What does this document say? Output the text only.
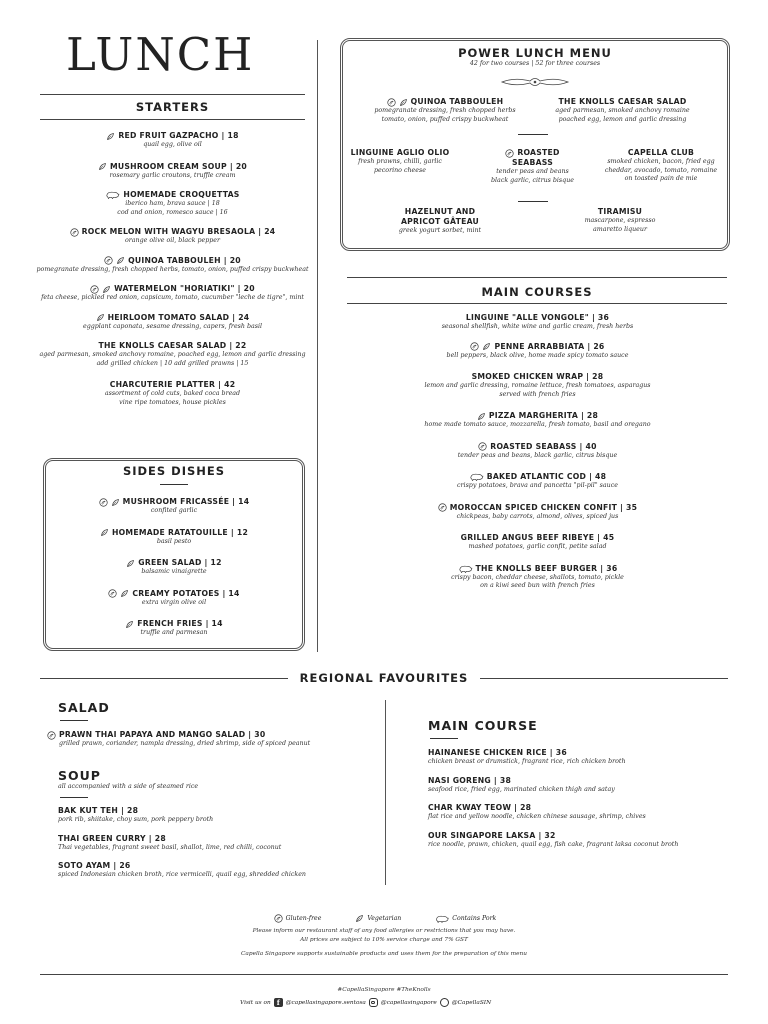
LUNCH
STARTERS
RED FRUIT GAZPACHO | 18
quail egg, olive oil
MUSHROOM CREAM SOUP | 20
rosemary garlic croutons, truffle cream
HOMEMADE CROQUETTAS
iberico ham, brava sauce | 18
cod and onion, romesco sauce | 16
ROCK MELON WITH WAGYU BRESAOLA | 24
orange olive oil, black pepper
QUINOA TABBOULEH | 20
pomegranate dressing, fresh chopped herbs, tomato, onion, puffed crispy buckwheat
WATERMELON "HORIATIKI" | 20
feta cheese, pickled red onion, capsicum, tomato, cucumber "leche de tigre", mint
HEIRLOOM TOMATO SALAD | 24
eggplant caponata, sesame dressing, capers, fresh basil
THE KNOLLS CAESAR SALAD | 22
aged parmesan, smoked anchovy romaine, poached egg, lemon and garlic dressing
add grilled chicken | 10 add grilled prawns | 15
CHARCUTERIE PLATTER | 42
assortment of cold cuts, baked coca bread
vine ripe tomatoes, house pickles
SIDES DISHES
MUSHROOM FRICASSÉE | 14
confited garlic
HOMEMADE RATATOUILLE | 12
basil pesto
GREEN SALAD | 12
balsamic vinaigrette
CREAMY POTATOES | 14
extra virgin olive oil
FRENCH FRIES | 14
truffle and parmesan
POWER LUNCH MENU
42 for two courses | 52 for three courses
QUINOA TABBOULEH
pomegranate dressing, fresh chopped herbs
tomato, onion, puffed crispy buckwheat
THE KNOLLS CAESAR SALAD
aged parmesan, smoked anchovy romaine
poached egg, lemon and garlic dressing
LINGUINE AGLIO OLIO
fresh prawns, chilli, garlic
pecorino cheese
ROASTED
SEABASS
tender peas and beans
black garlic, citrus bisque
CAPELLA CLUB
smoked chicken, bacon, fried egg
cheddar, avocado, tomato, romaine
on toasted pain de mie
HAZELNUT AND
APRICOT GÂTEAU
greek yogurt sorbet, mint
TIRAMISU
mascarpone, espresso
amaretto liqueur
MAIN COURSES
LINGUINE "ALLE VONGOLE" | 36
seasonal shellfish, white wine and garlic cream, fresh herbs
PENNE ARRABBIATA | 26
bell peppers, black olive, home made spicy tomato sauce
SMOKED CHICKEN WRAP | 28
lemon and garlic dressing, romaine lettuce, fresh tomatoes, asparagus
served with french fries
PIZZA MARGHERITA | 28
home made tomato sauce, mozzarella, fresh tomato, basil and oregano
ROASTED SEABASS | 40
tender peas and beans, black garlic, citrus bisque
BAKED ATLANTIC COD | 48
crispy potatoes, brava and pancetta "pil-pil" sauce
MOROCCAN SPICED CHICKEN CONFIT | 35
chickpeas, baby carrots, almond, olives, spiced jus
GRILLED ANGUS BEEF RIBEYE | 45
mashed potatoes, garlic confit, petite salad
THE KNOLLS BEEF BURGER | 36
crispy bacon, cheddar cheese, shallots, tomato, pickle
on a kiwi seed bun with french fries
REGIONAL FAVOURITES
SALAD
PRAWN THAI PAPAYA AND MANGO SALAD | 30
grilled prawn, coriander, nampla dressing, dried shrimp, side of spiced peanut
SOUP
all accompanied with a side of steamed rice
BAK KUT TEH | 28
pork rib, shiitake, choy sum, pork peppery broth
THAI GREEN CURRY | 28
Thai vegetables, fragrant sweet basil, shallot, lime, red chilli, coconut
SOTO AYAM | 26
spiced Indonesian chicken broth, rice vermicelli, quail egg, shredded chicken
MAIN COURSE
HAINANESE CHICKEN RICE | 36
chicken breast or drumstick, fragrant rice, rich chicken broth
NASI GORENG | 38
seafood rice, fried egg, marinated chicken thigh and satay
CHAR KWAY TEOW | 28
flat rice and yellow noodle, chicken chinese sausage, shrimp, chives
OUR SINGAPORE LAKSA | 32
rice noodle, prawn, chicken, quail egg, fish cake, fragrant laksa coconut broth
Gluten-free	Vegetarian	Contains Pork
Please inform our restaurant staff of any food allergies or restrictions that you may have.
All prices are subject to 10% service charge and 7% GST
Capella Singapore supports sustainable products and uses them for the preparation of this menu
#CapellaSingapore #TheKnolls
Visit us on f	@capellasingapore.sentosa	@capellasingapore	@CapellaSIN
